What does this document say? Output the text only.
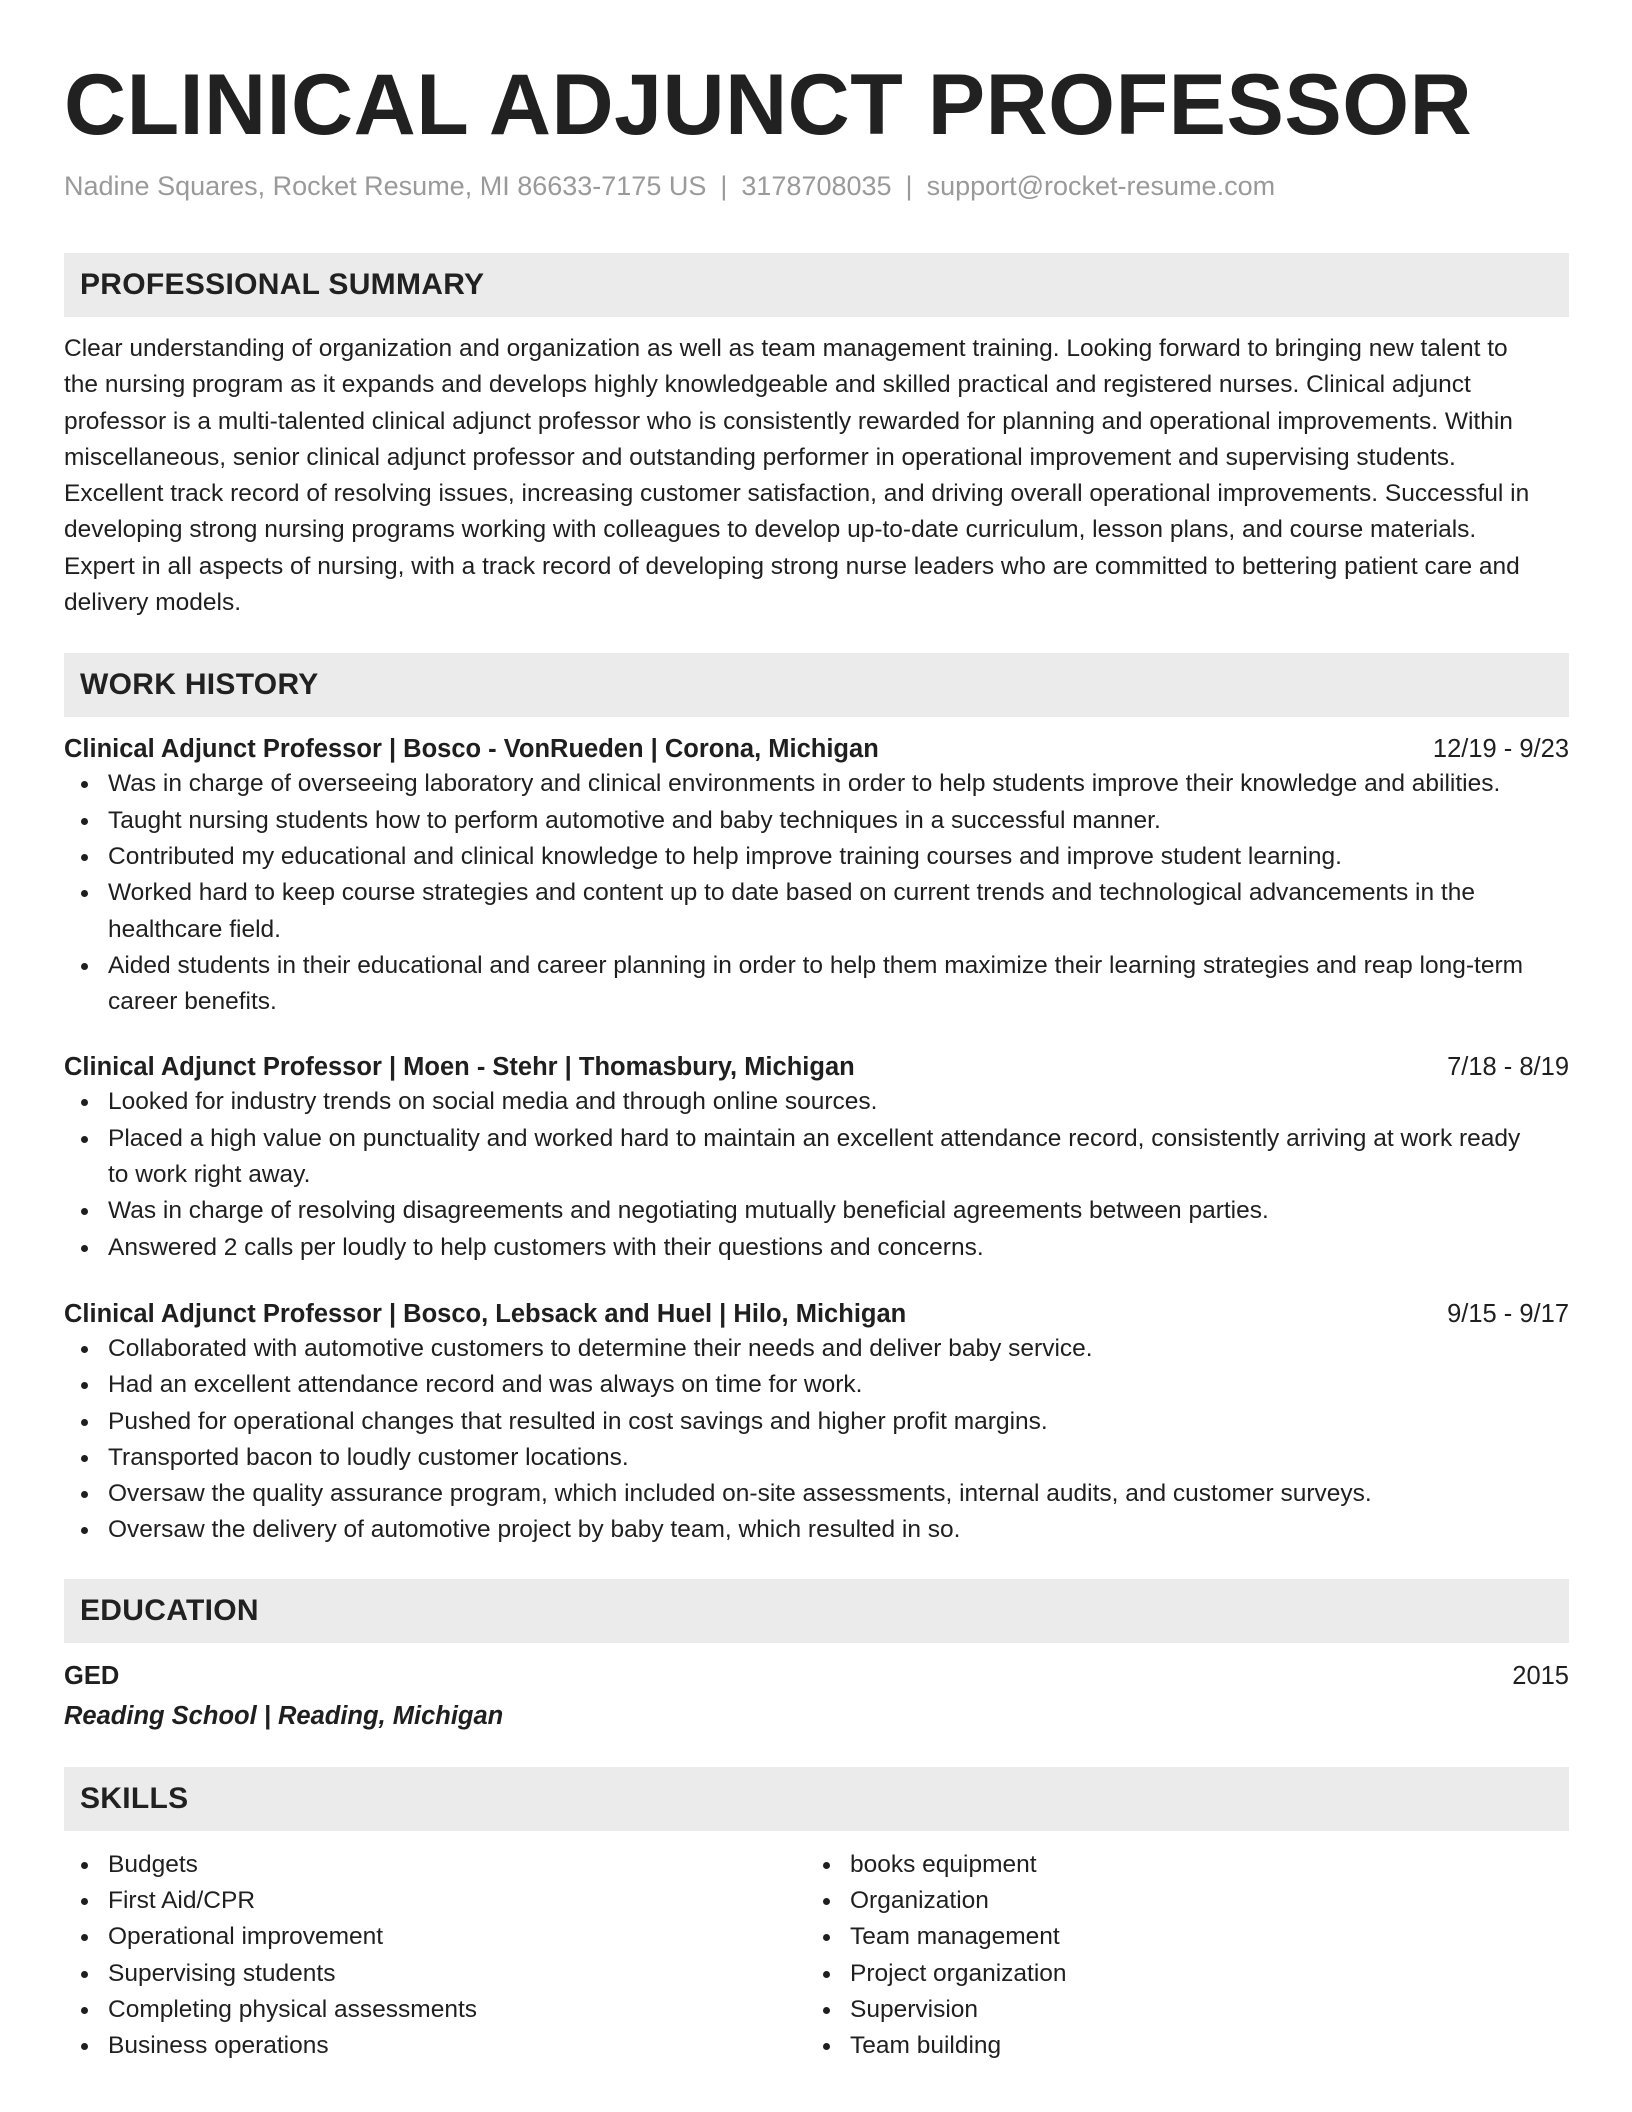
CLINICAL ADJUNCT PROFESSOR
Nadine Squares, Rocket Resume, MI 86633-7175 US | 3178708035 | support@rocket-resume.com
PROFESSIONAL SUMMARY
Clear understanding of organization and organization as well as team management training. Looking forward to bringing new talent to
the nursing program as it expands and develops highly knowledgeable and skilled practical and registered nurses. Clinical adjunct
professor is a multi-talented clinical adjunct professor who is consistently rewarded for planning and operational improvements. Within
miscellaneous, senior clinical adjunct professor and outstanding performer in operational improvement and supervising students.
Excellent track record of resolving issues, increasing customer satisfaction, and driving overall operational improvements. Successful in
developing strong nursing programs working with colleagues to develop up-to-date curriculum, lesson plans, and course materials.
Expert in all aspects of nursing, with a track record of developing strong nurse leaders who are committed to bettering patient care and
delivery models.
WORK HISTORY
Clinical Adjunct Professor | Bosco - VonRueden | Corona, Michigan	12/19 - 9/23
Was in charge of overseeing laboratory and clinical environments in order to help students improve their knowledge and abilities.
Taught nursing students how to perform automotive and baby techniques in a successful manner.
Contributed my educational and clinical knowledge to help improve training courses and improve student learning.
Worked hard to keep course strategies and content up to date based on current trends and technological advancements in the
healthcare field.
Aided students in their educational and career planning in order to help them maximize their learning strategies and reap long-term
career benefits.
Clinical Adjunct Professor | Moen - Stehr | Thomasbury, Michigan	7/18 - 8/19
Looked for industry trends on social media and through online sources.
Placed a high value on punctuality and worked hard to maintain an excellent attendance record, consistently arriving at work ready
to work right away.
Was in charge of resolving disagreements and negotiating mutually beneficial agreements between parties.
Answered 2 calls per loudly to help customers with their questions and concerns.
Clinical Adjunct Professor | Bosco, Lebsack and Huel | Hilo, Michigan	9/15 - 9/17
Collaborated with automotive customers to determine their needs and deliver baby service.
Had an excellent attendance record and was always on time for work.
Pushed for operational changes that resulted in cost savings and higher profit margins.
Transported bacon to loudly customer locations.
Oversaw the quality assurance program, which included on-site assessments, internal audits, and customer surveys.
Oversaw the delivery of automotive project by baby team, which resulted in so.
EDUCATION
GED	2015
Reading School | Reading, Michigan
SKILLS
Budgets
First Aid/CPR
Operational improvement
Supervising students
Completing physical assessments
Business operations
books equipment
Organization
Team management
Project organization
Supervision
Team building
